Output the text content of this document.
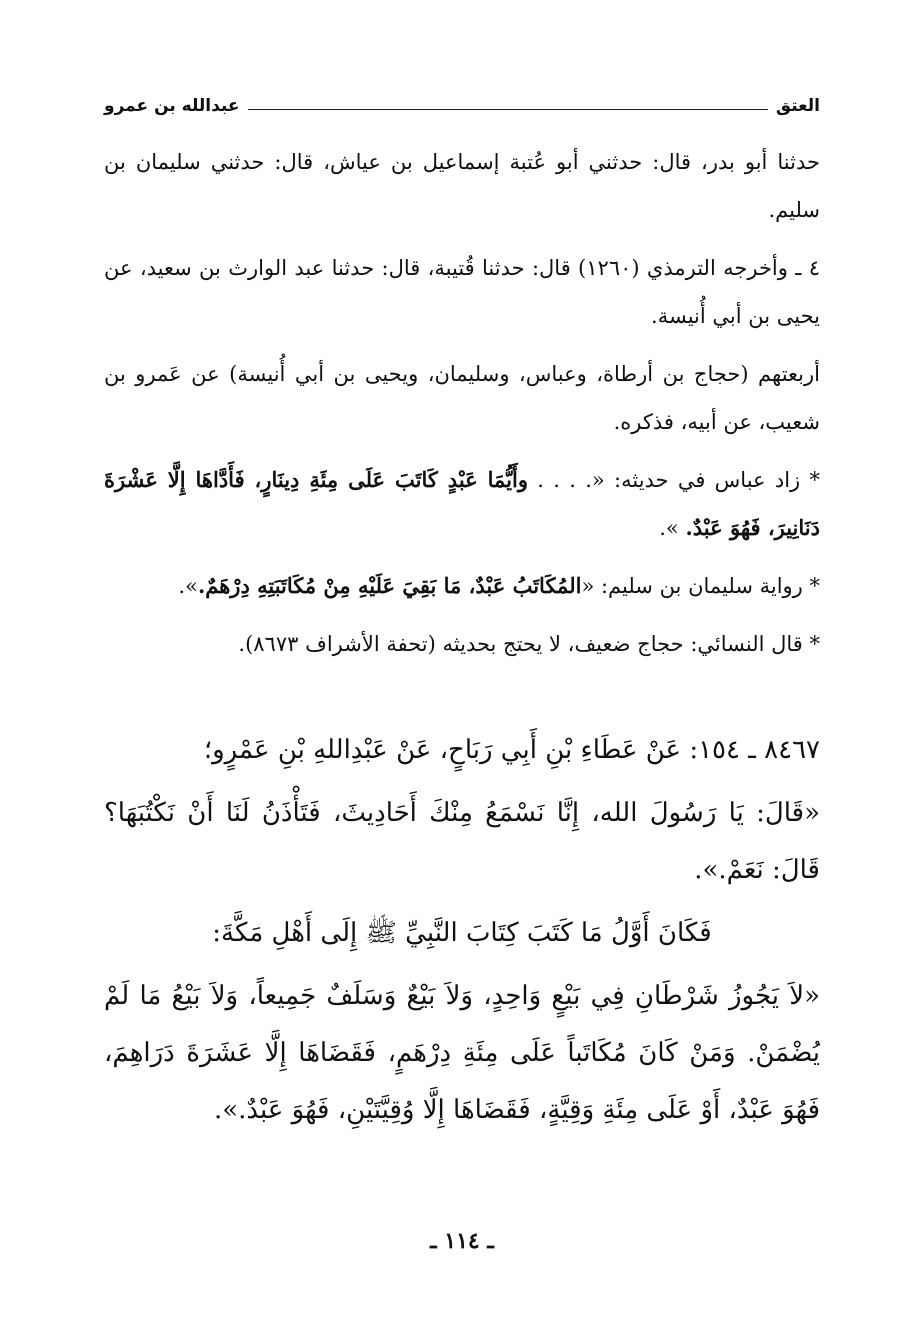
العتق
عبدالله بن عمرو

حدثنا أبو بدر، قال: حدثني أبو عُتبة إسماعيل بن عياش، قال: حدثني سليمان بن سليم.

٤ ـ وأخرجه الترمذي (١٢٦٠) قال: حدثنا قُتيبة، قال: حدثنا عبد الوارث بن سعيد، عن يحيى بن أبي أُنيسة.

أربعتهم (حجاج بن أرطاة، وعباس، وسليمان، ويحيى بن أبي أُنيسة) عن عَمرو بن شعيب، عن أبيه، فذكره.

* زاد عباس في حديثه: «. . . . وأَيُّمَا عَبْدٍ كَاتَبَ عَلَى مِئَةِ دِينَارٍ، فَأَدَّاهَا إِلَّا عَشْرَةَ دَنَانِيرَ، فَهُوَ عَبْدٌ. ».

* رواية سليمان بن سليم: «المُكَاتَبُ عَبْدٌ، مَا بَقِيَ عَلَيْهِ مِنْ مُكَاتَبَتِهِ دِرْهَمٌ.».

* قال النسائي: حجاج ضعيف، لا يحتج بحديثه (تحفة الأشراف ٨٦٧٣).

٨٤٦٧ ـ ١٥٤: عَنْ عَطَاءِ بْنِ أَبِي رَبَاحٍ، عَنْ عَبْدِاللهِ بْنِ عَمْرٍو؛

«قَالَ: يَا رَسُولَ الله، إِنَّا نَسْمَعُ مِنْكَ أَحَادِيثَ، فَتَأْذَنُ لَنَا أَنْ نَكْتُبَهَا؟ قَالَ: نَعَمْ.».

فَكَانَ أَوَّلُ مَا كَتَبَ كِتَابَ النَّبِيِّ ﷺ إِلَى أَهْلِ مَكَّةَ:

«لاَ يَجُوزُ شَرْطَانِ فِي بَيْعٍ وَاحِدٍ، وَلاَ بَيْعٌ وَسَلَفٌ جَمِيعاً، وَلاَ بَيْعُ مَا لَمْ يُضْمَنْ. وَمَنْ كَانَ مُكَاتَباً عَلَى مِئَةِ دِرْهَمٍ، فَقَضَاهَا إِلَّا عَشَرَةَ دَرَاهِمَ، فَهُوَ عَبْدٌ، أَوْ عَلَى مِئَةِ وَقِيَّةٍ، فَقَضَاهَا إِلَّا وُقِيَّتَيْنِ، فَهُوَ عَبْدٌ.».

ـ ١١٤ ـ
